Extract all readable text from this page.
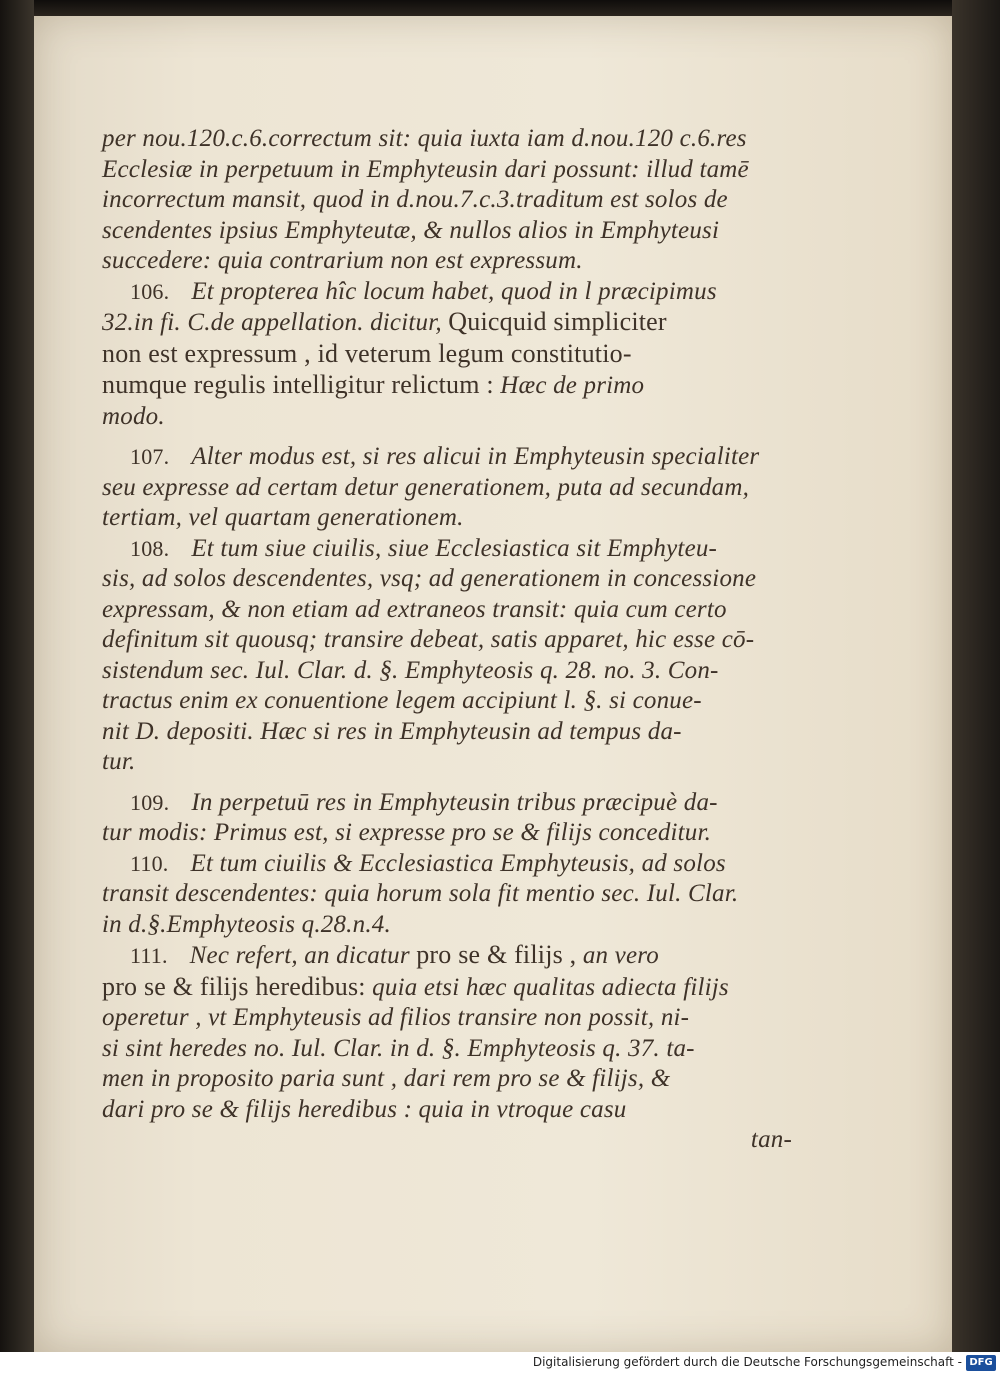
per nou.120.c.6.correctum sit: quia iuxta iam d.nou.120 c.6.res
Ecclesiæ in perpetuum in Emphyteusin dari possunt: illud tamē
incorrectum mansit, quod in d.nou.7.c.3.traditum est solos de
scendentes ipsius Emphyteutæ, & nullos alios in Emphyteusi
succedere: quia contrarium non est expressum.
106. Et propterea hîc locum habet, quod in l præcipimus
32.in fi. C.de appellation. dicitur, Quicquid simpliciter
non est expressum , id veterum legum constitutio-
numque regulis intelligitur relictum : Hæc de primo
modo.
107. Alter modus est, si res alicui in Emphyteusin specialiter
seu expresse ad certam detur generationem, puta ad secundam,
tertiam, vel quartam generationem.
108. Et tum siue ciuilis, siue Ecclesiastica sit Emphyteu-
sis, ad solos descendentes, vsq; ad generationem in concessione
expressam, & non etiam ad extraneos transit: quia cum certo
definitum sit quousq; transire debeat, satis apparet, hic esse cō-
sistendum sec. Iul. Clar. d. §. Emphyteosis q. 28. no. 3. Con-
tractus enim ex conuentione legem accipiunt l. §. si conue-
nit D. depositi. Hæc si res in Emphyteusin ad tempus da-
tur.
109. In perpetuū res in Emphyteusin tribus præcipuè da-
tur modis: Primus est, si expresse pro se & filijs conceditur.
110. Et tum ciuilis & Ecclesiastica Emphyteusis, ad solos
transit descendentes: quia horum sola fit mentio sec. Iul. Clar.
in d.§.Emphyteosis q.28.n.4.
111. Nec refert, an dicatur pro se & filijs , an vero
pro se & filijs heredibus: quia etsi hæc qualitas adiecta filijs
operetur , vt Emphyteusis ad filios transire non possit, ni-
si sint heredes no. Iul. Clar. in d. §. Emphyteosis q. 37. ta-
men in proposito paria sunt , dari rem pro se & filijs, &
dari pro se & filijs heredibus : quia in vtroque casu
tan-
Digitalisierung gefördert durch die Deutsche Forschungsgemeinschaft - DFG
